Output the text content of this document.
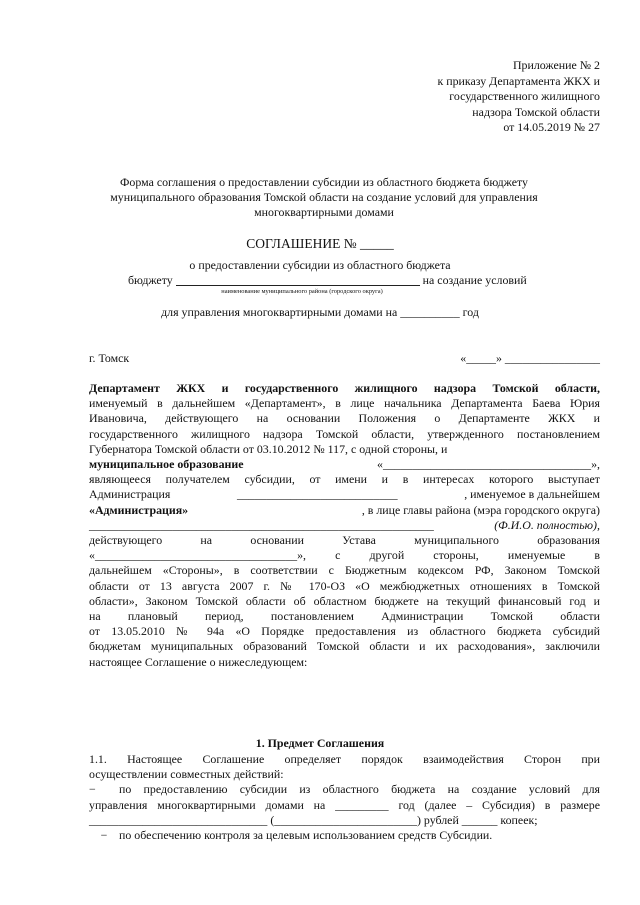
Приложение № 2
к приказу Департамента ЖКХ и
государственного жилищного
надзора Томской области
от 14.05.2019 № 27
Форма соглашения о предоставлении субсидии из областного бюджета бюджету
муниципального образования Томской области на создание условий для управления
многоквартирными домами
СОГЛАШЕНИЕ № _____
о предоставлении субсидии из областного бюджета
бюджету	на создание условий
наименование муниципального района (городского округа)
для управления многоквартирными домами на __________ год
г. Томск	«_____» ________________

Департамент ЖКХ и государственного жилищного надзора Томской области,

именуемый в дальнейшем «Департамент», в лице начальника Департамента Баева Юрия

Ивановича, действующего на основании Положения о Департаменте ЖКХ и

государственного жилищного надзора Томской области, утвержденного постановлением

Губернатора Томской области от 03.10.2012 № 117, с одной стороны, и

муниципальное образование	«___________________________________»,

являющееся получателем субсидии, от имени и в интересах которого выступает

Администрация	___________________________	, именуемое в дальнейшем
«Администрация»	, в лице главы района (мэра городского округа)
__________________________________________________________	(Ф.И.О. полностью),

действующего на основании Устава муниципального образования

«__________________________________», с другой стороны, именуемые в

дальнейшем «Стороны», в соответствии с Бюджетным кодексом РФ, Законом Томской

области от 13 августа 2007 г. № 170-ОЗ «О межбюджетных отношениях в Томской

области», Законом Томской области об областном бюджете на текущий финансовый год и

на плановый период, постановлением Администрации Томской области

от 13.05.2010 № 94а «О Порядке предоставления из областного бюджета субсидий

бюджетам муниципальных образований Томской области и их расходования», заключили

настоящее Соглашение о нижеследующем:

1. Предмет Соглашения

1.1. Настоящее Соглашение определяет порядок взаимодействия Сторон при

осуществлении совместных действий:

− по предоставлению субсидии из областного бюджета на создание условий для

управления многоквартирными домами на _________ год (далее – Субсидия) в размере

______________________________ (________________________) рублей ______ копеек;

− по обеспечению контроля за целевым использованием средств Субсидии.
